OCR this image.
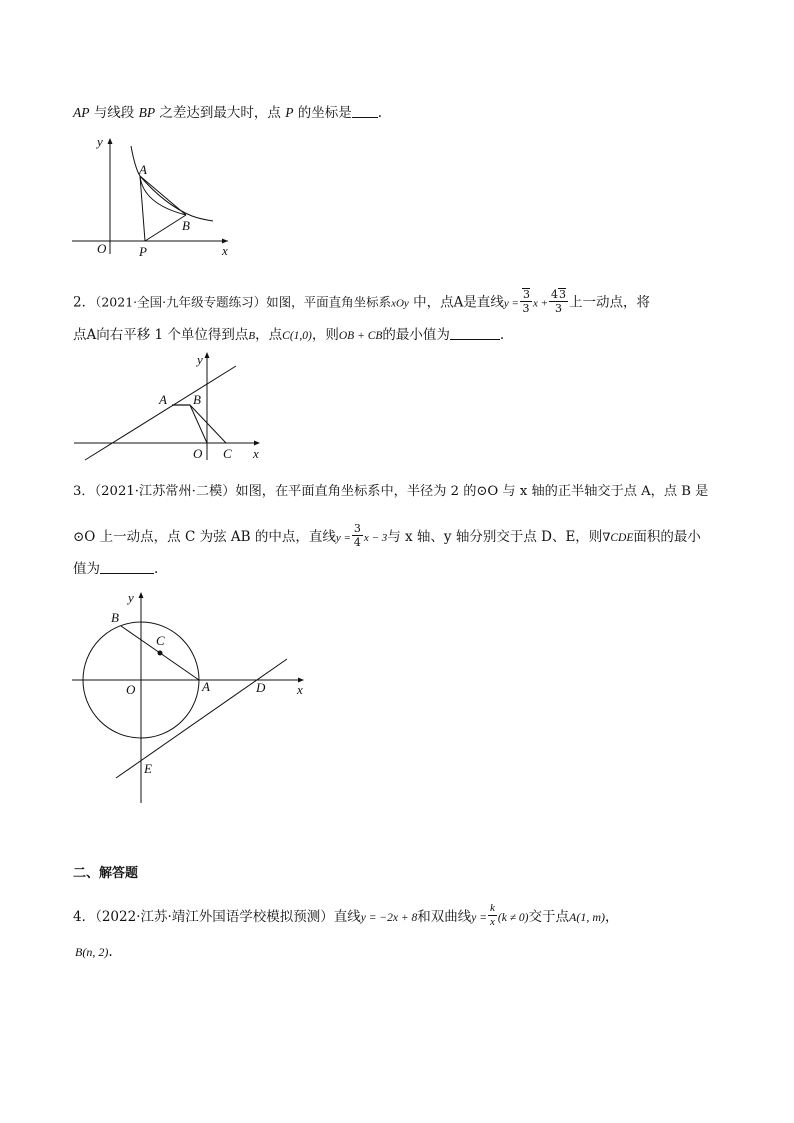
AP 与线段 BP 之差达到最大时，点 P 的坐标是 .
y
x
O
A
B
P
2．（2021·全国·九年级专题练习）如图，平面直角坐标系xOy 中，点A是直线$y = \frac{3}{3}$ $x + \frac{43}{3}$ 上一动点，将
点A向右平移 1 个单位得到点B，点C(1,0)，则OB + CB的最小值为	.
y
x
O
A B
C
3．（2021·江苏常州·二模）如图，在平面直角坐标系中，半径为 2 的⊙O 与 x 轴的正半轴交于点 A，点 B 是
⊙O 上一动点，点 C 为弦 AB 的中点，直线$y = \frac{3}{4}$ x − 3与 x 轴、y 轴分别交于点 D、E，则∇CDE面积的最小
值为	.
x
y
O	A
B
C
D
E
二、解答题
4．（2022·江苏·靖江外国语学校模拟预测）直线y = −2x + 8和双曲线$y = \frac{k}{x} (k \ne 0)$交于点A(1, m)，
B(n, 2).
